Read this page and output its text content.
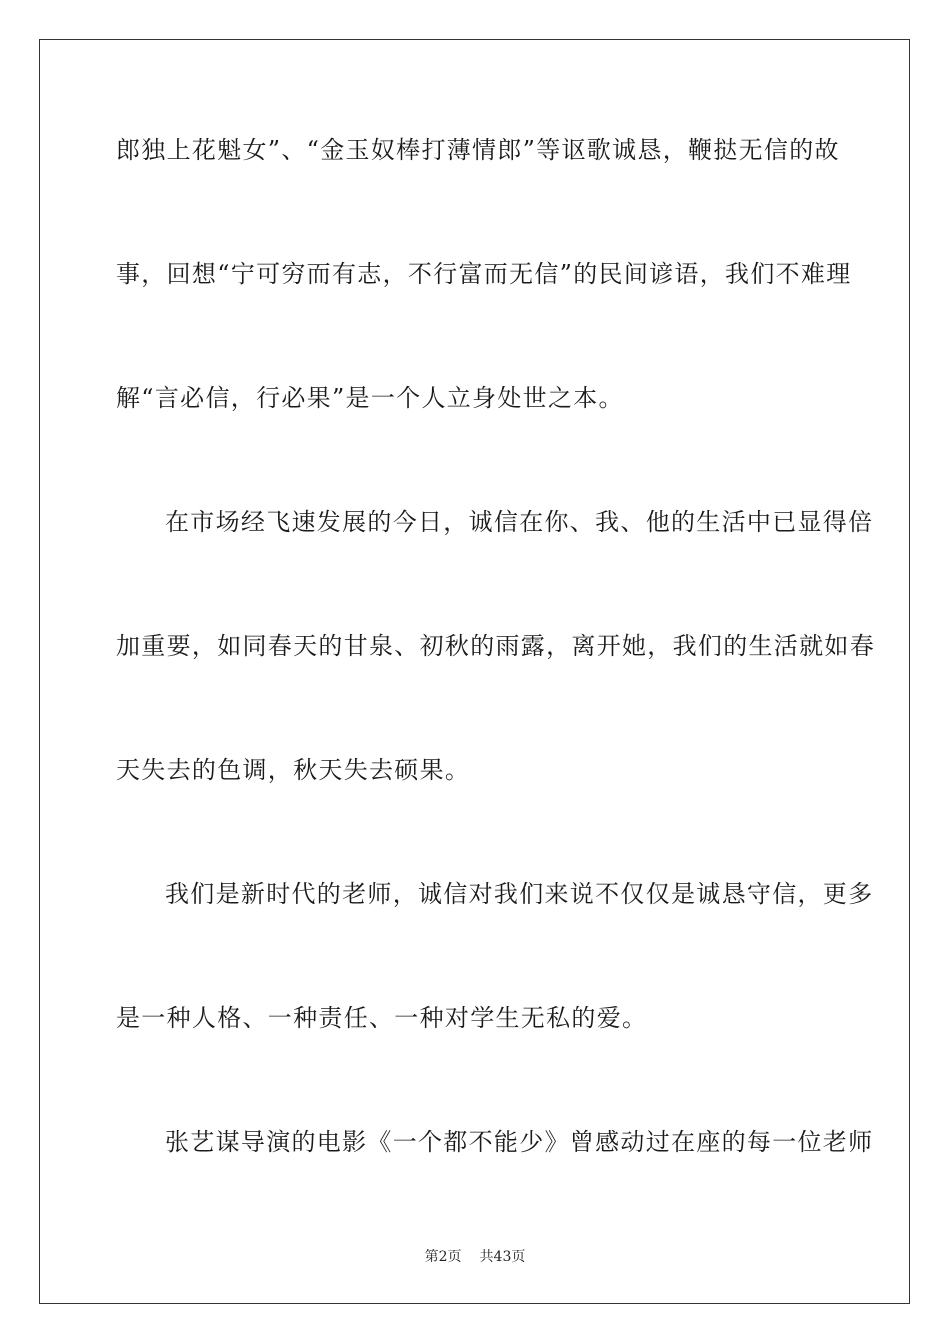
郎独上花魁女”、“金玉奴棒打薄情郎”等讴歌诚恳，鞭挞无信的故
事，回想“宁可穷而有志，不行富而无信”的民间谚语，我们不难理
解“言必信，行必果”是一个人立身处世之本。
在市场经飞速发展的今日，诚信在你、我、他的生活中已显得倍
加重要，如同春天的甘泉、初秋的雨露，离开她，我们的生活就如春
天失去的色调，秋天失去硕果。
我们是新时代的老师，诚信对我们来说不仅仅是诚恳守信，更多
是一种人格、一种责任、一种对学生无私的爱。
张艺谋导演的电影《一个都不能少》曾感动过在座的每一位老师
第2页 共43页
